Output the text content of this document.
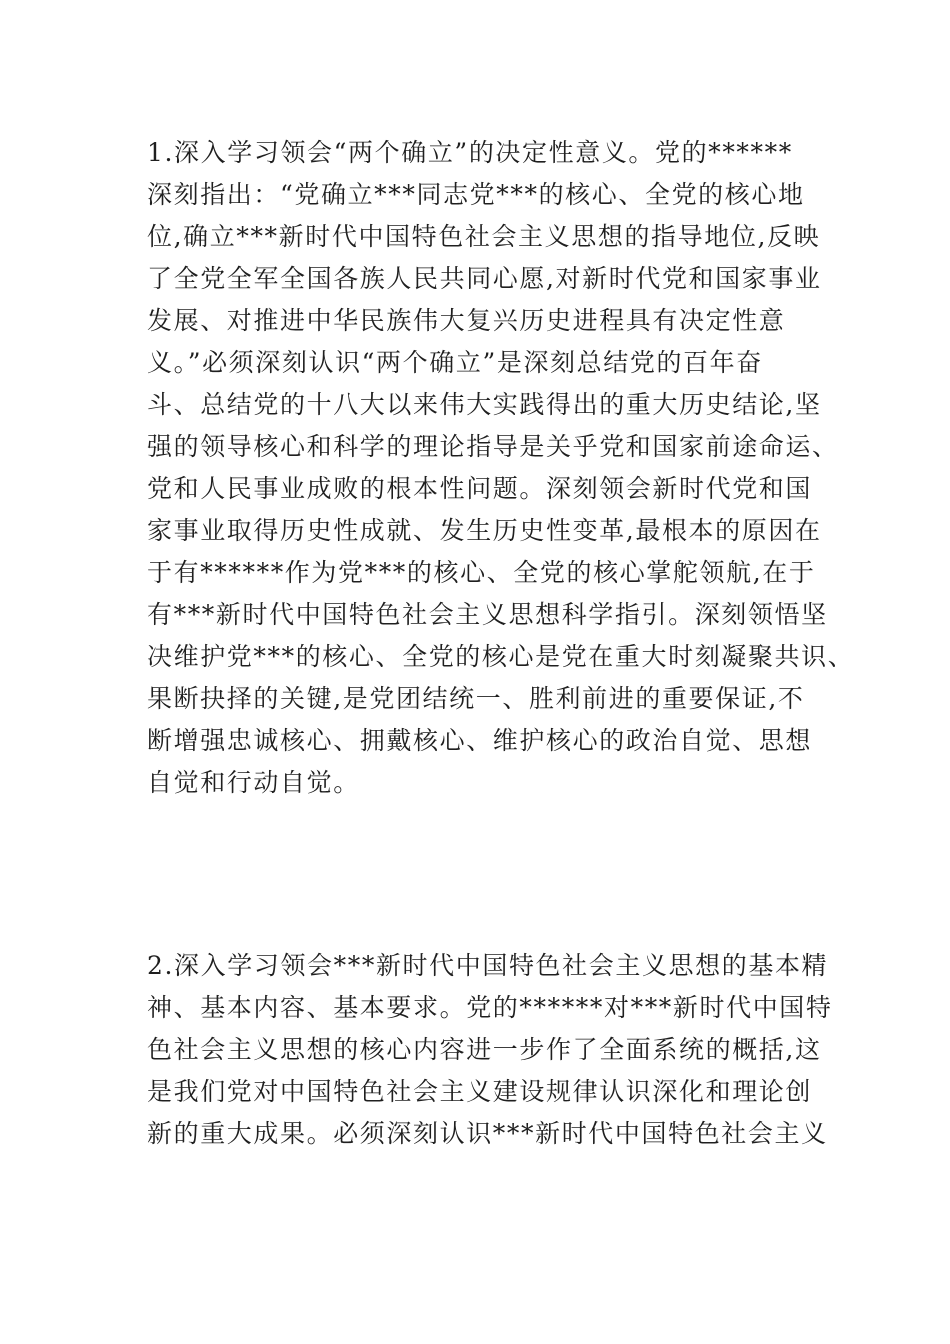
1.深入学习领会“两个确立”的决定性意义。党的******
深刻指出：“党确立***同志党***的核心、全党的核心地
位,确立***新时代中国特色社会主义思想的指导地位,反映
了全党全军全国各族人民共同心愿,对新时代党和国家事业
发展、对推进中华民族伟大复兴历史进程具有决定性意
义。”必须深刻认识“两个确立”是深刻总结党的百年奋
斗、总结党的十八大以来伟大实践得出的重大历史结论,坚
强的领导核心和科学的理论指导是关乎党和国家前途命运、
党和人民事业成败的根本性问题。深刻领会新时代党和国
家事业取得历史性成就、发生历史性变革,最根本的原因在
于有******作为党***的核心、全党的核心掌舵领航,在于
有***新时代中国特色社会主义思想科学指引。深刻领悟坚
决维护党***的核心、全党的核心是党在重大时刻凝聚共识、
果断抉择的关键,是党团结统一、胜利前进的重要保证,不
断增强忠诚核心、拥戴核心、维护核心的政治自觉、思想
自觉和行动自觉。
2.深入学习领会***新时代中国特色社会主义思想的基本精
神、基本内容、基本要求。党的******对***新时代中国特
色社会主义思想的核心内容进一步作了全面系统的概括,这
是我们党对中国特色社会主义建设规律认识深化和理论创
新的重大成果。必须深刻认识***新时代中国特色社会主义
